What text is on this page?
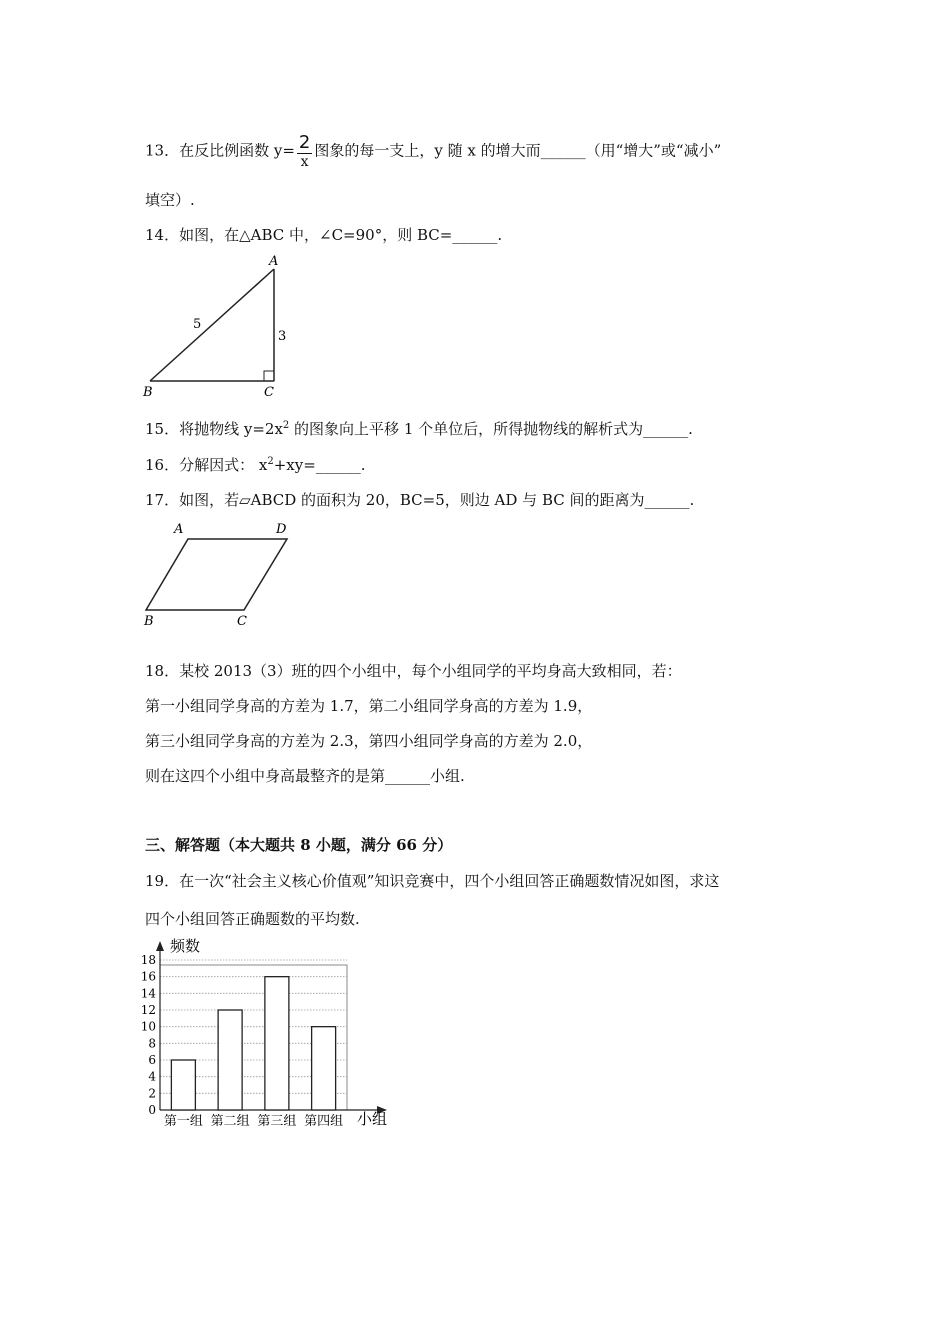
13．在反比例函数 $y= \frac{2}{x}$ 图象的每一支上，y 随 x 的增大而______（用“增大”或“减小”
填空）.
14．如图，在△ABC 中，∠C=90°，则 BC=______.
A
B	C
5
3
15．将抛物线 $y=2x^2$ 的图象向上平移 1 个单位后，所得抛物线的解析式为______.
16．分解因式： $x^2+xy=\_\_\_\_\_\_$.
17．如图，若▱ABCD 的面积为 20，BC=5，则边 AD 与 BC 间的距离为______.
A	D
B	C
18．某校 2013（3）班的四个小组中，每个小组同学的平均身高大致相同，若：
第一小组同学身高的方差为 1.7，第二小组同学身高的方差为 1.9，
第三小组同学身高的方差为 2.3，第四小组同学身高的方差为 2.0，
则在这四个小组中身高最整齐的是第______小组.
三、解答题（本大题共 8 小题，满分 66 分）
19．在一次“社会主义核心价值观”知识竞赛中，四个小组回答正确题数情况如图，求这
四个小组回答正确题数的平均数.
0
2
4
6
8
10
12
14
16
18
频数
小组
第一组 第二组 第三组 第四组
